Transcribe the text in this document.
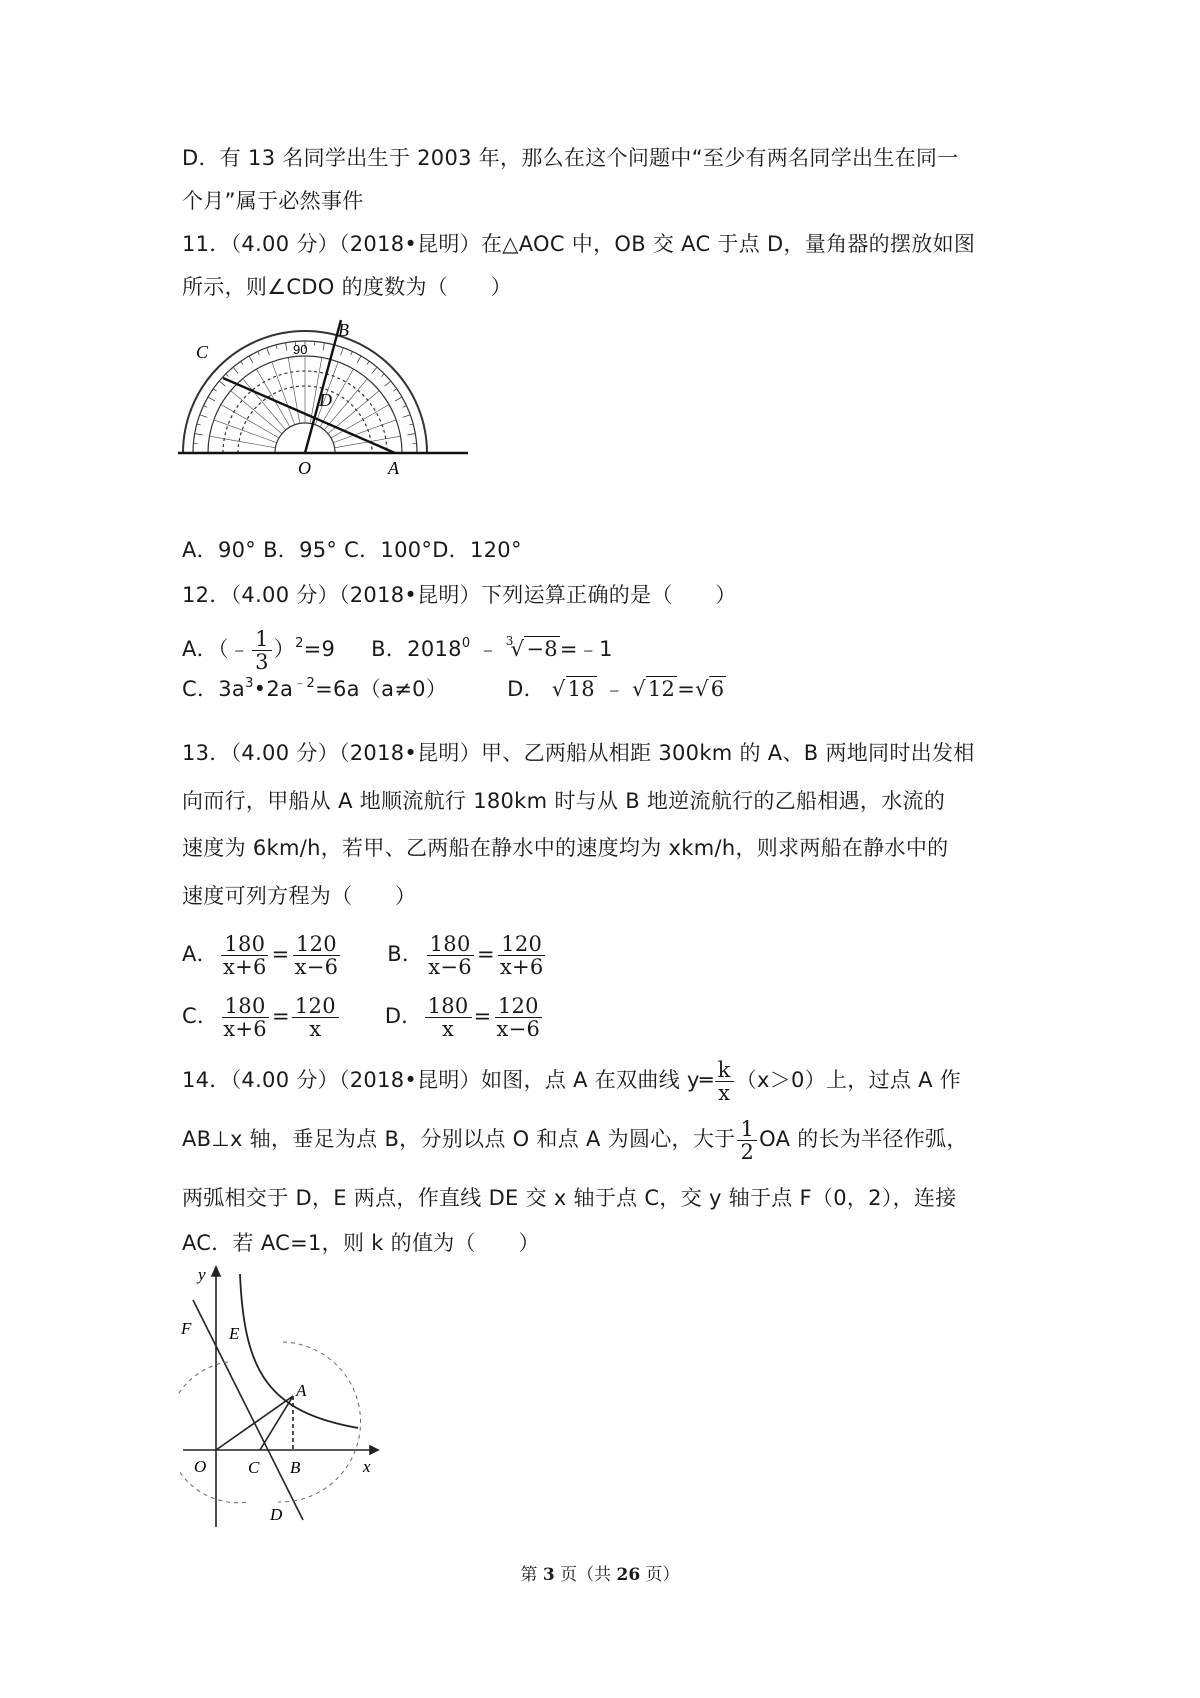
D．有 13 名同学出生于 2003 年，那么在这个问题中“至少有两名同学出生在同一
个月”属于必然事件
11．（4.00 分）（2018•昆明）在△AOC 中，OB 交 AC 于点 D，量角器的摆放如图
所示，则∠CDO 的度数为（　　）
C
B
D
O	A
90
A．90° B．95° C．100°D．120°
12．（4.00 分）（2018•昆明）下列运算正确的是（　　）
A．（﹣ $\frac{1}{3} )^2=9$ B．2018$^0$ ﹣ $^3$√−8=﹣1
C．$3a^3•2a^{﹣2}=6a(a\ne 0)$	D． √18 ﹣ √12=√6
13．（4.00 分）（2018•昆明）甲、乙两船从相距 300km 的 A、B 两地同时出发相
向而行，甲船从 A 地顺流航行 180km 时与从 B 地逆流航行的乙船相遇，水流的
速度为 6km/h，若甲、乙两船在静水中的速度均为 xkm/h，则求两船在静水中的
速度可列方程为（　　）
A． $\frac{180}{x+6} = \frac{120}{x-6}$ B． $\frac{180}{x-6} = \frac{120}{x+6}$
C． $\frac{180}{x+6} = \frac{120}{x}$ D． $\frac{180}{x} = \frac{120}{x-6}$
14．（4.00 分）（2018•昆明）如图，点 A 在双曲线 y═ $\frac{k}{x} (x>0)$上，过点 A 作
AB⊥x 轴，垂足为点 B，分别以点 O 和点 A 为圆心，大于 $\frac{1}{2}$ OA 的长为半径作弧，
两弧相交于 D，E 两点，作直线 DE 交 x 轴于点 C，交 y 轴于点 F（0，2），连接
AC．若 AC=1，则 k 的值为（　　）
y
x
F E
A
O C B
D
第 3 页（共 26 页）
